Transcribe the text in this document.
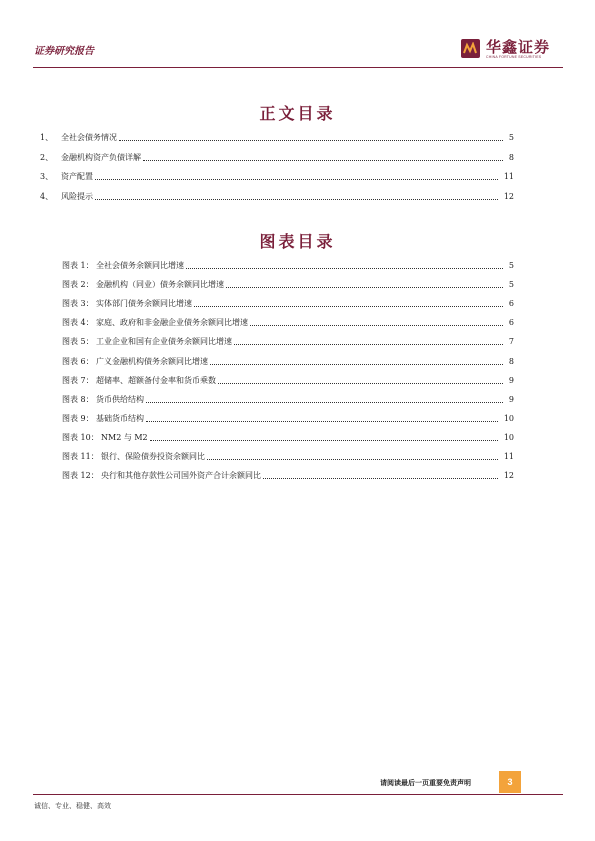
证券研究报告	华鑫证券
CHINA FORTUNE SECURITIES
正文目录
1、 全社会债务情况	5
2、 金融机构资产负债详解	8
3、 资产配置	11
4、 风险提示	12
图表目录
图表 1： 全社会债务余额同比增速	5
图表 2： 金融机构（同业）债务余额同比增速	5
图表 3： 实体部门债务余额同比增速	6
图表 4： 家庭、政府和非金融企业债务余额同比增速	6
图表 5： 工业企业和国有企业债务余额同比增速	7
图表 6： 广义金融机构债务余额同比增速	8
图表 7： 超储率、超额备付金率和货币乘数	9
图表 8： 货币供给结构	9
图表 9： 基础货币结构	10
图表 10： NM2 与 M2	10
图表 11： 银行、保险债券投资余额同比	11
图表 12： 央行和其他存款性公司国外资产合计余额同比	12
请阅读最后一页重要免责声明	3
诚信、专业、稳健、高效
